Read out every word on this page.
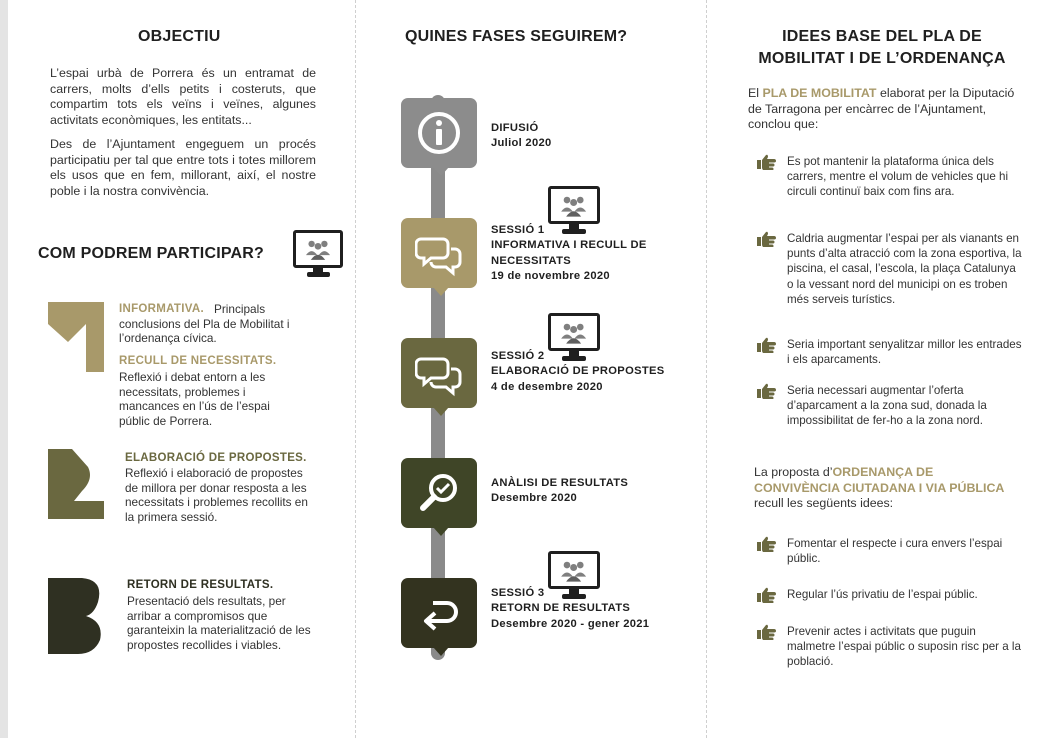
OBJECTIU

L’espai urbà de Porrera és un entramat de carrers, molts d’ells petits i costeruts, que compartim tots els veïns i veïnes, algunes activitats econòmiques, les entitats...

Des de l’Ajuntament engeguem un procés participatiu per tal que entre tots i totes millorem els usos que en fem, millorant, així, el nostre poble i la nostra convivència.

COM PODREM PARTICIPAR?
INFORMATIVA. Principals conclusions del Pla de Mobilitat i l’ordenança cívica.
RECULL DE NECESSITATS.
Reflexió i debat entorn a les necessitats, problemes i mancances en l’ús de l’espai públic de Porrera.
ELABORACIÓ DE PROPOSTES.
Reflexió i elaboració de propostes de millora per donar resposta a les necessitats i problemes recollits en la primera sessió.
RETORN DE RESULTATS.
Presentació dels resultats, per arribar a compromisos que garanteixin la materialització de les propostes recollides i viables.
QUINES FASES SEGUIREM?
DIFUSIÓ
Juliol 2020
SESSIÓ 1
INFORMATIVA I RECULL DE
NECESSITATS
19 de novembre 2020
SESSIÓ 2
ELABORACIÓ DE PROPOSTES
4 de desembre 2020
ANÀLISI DE RESULTATS
Desembre 2020
SESSIÓ 3
RETORN DE RESULTATS
Desembre 2020 - gener 2021
IDEES BASE DEL PLA DE
MOBILITAT I DE L’ORDENANÇA

El PLA DE MOBILITAT elaborat per la Diputació de Tarragona per encàrrec de l’Ajuntament, conclou que:

Es pot mantenir la plataforma única dels carrers, mentre el volum de vehicles que hi circuli continuï baix com fins ara.
Caldria augmentar l’espai per als vianants en punts d’alta atracció com la zona esportiva, la piscina, el casal, l’escola, la plaça Catalunya o la vessant nord del municipi on es troben més serveis turístics.
Seria important senyalitzar millor les entrades i els aparcaments.
Seria necessari augmentar l’oferta d’aparcament a la zona sud, donada la impossibilitat de fer-ho a la zona nord.

La proposta d’ORDENANÇA DE CONVIVÈNCIA CIUTADANA I VIA PÚBLICA recull les següents idees:

Fomentar el respecte i cura envers l’espai públic.
Regular l’ús privatiu de l’espai públic.
Prevenir actes i activitats que puguin malmetre l’espai públic o suposin risc per a la població.
